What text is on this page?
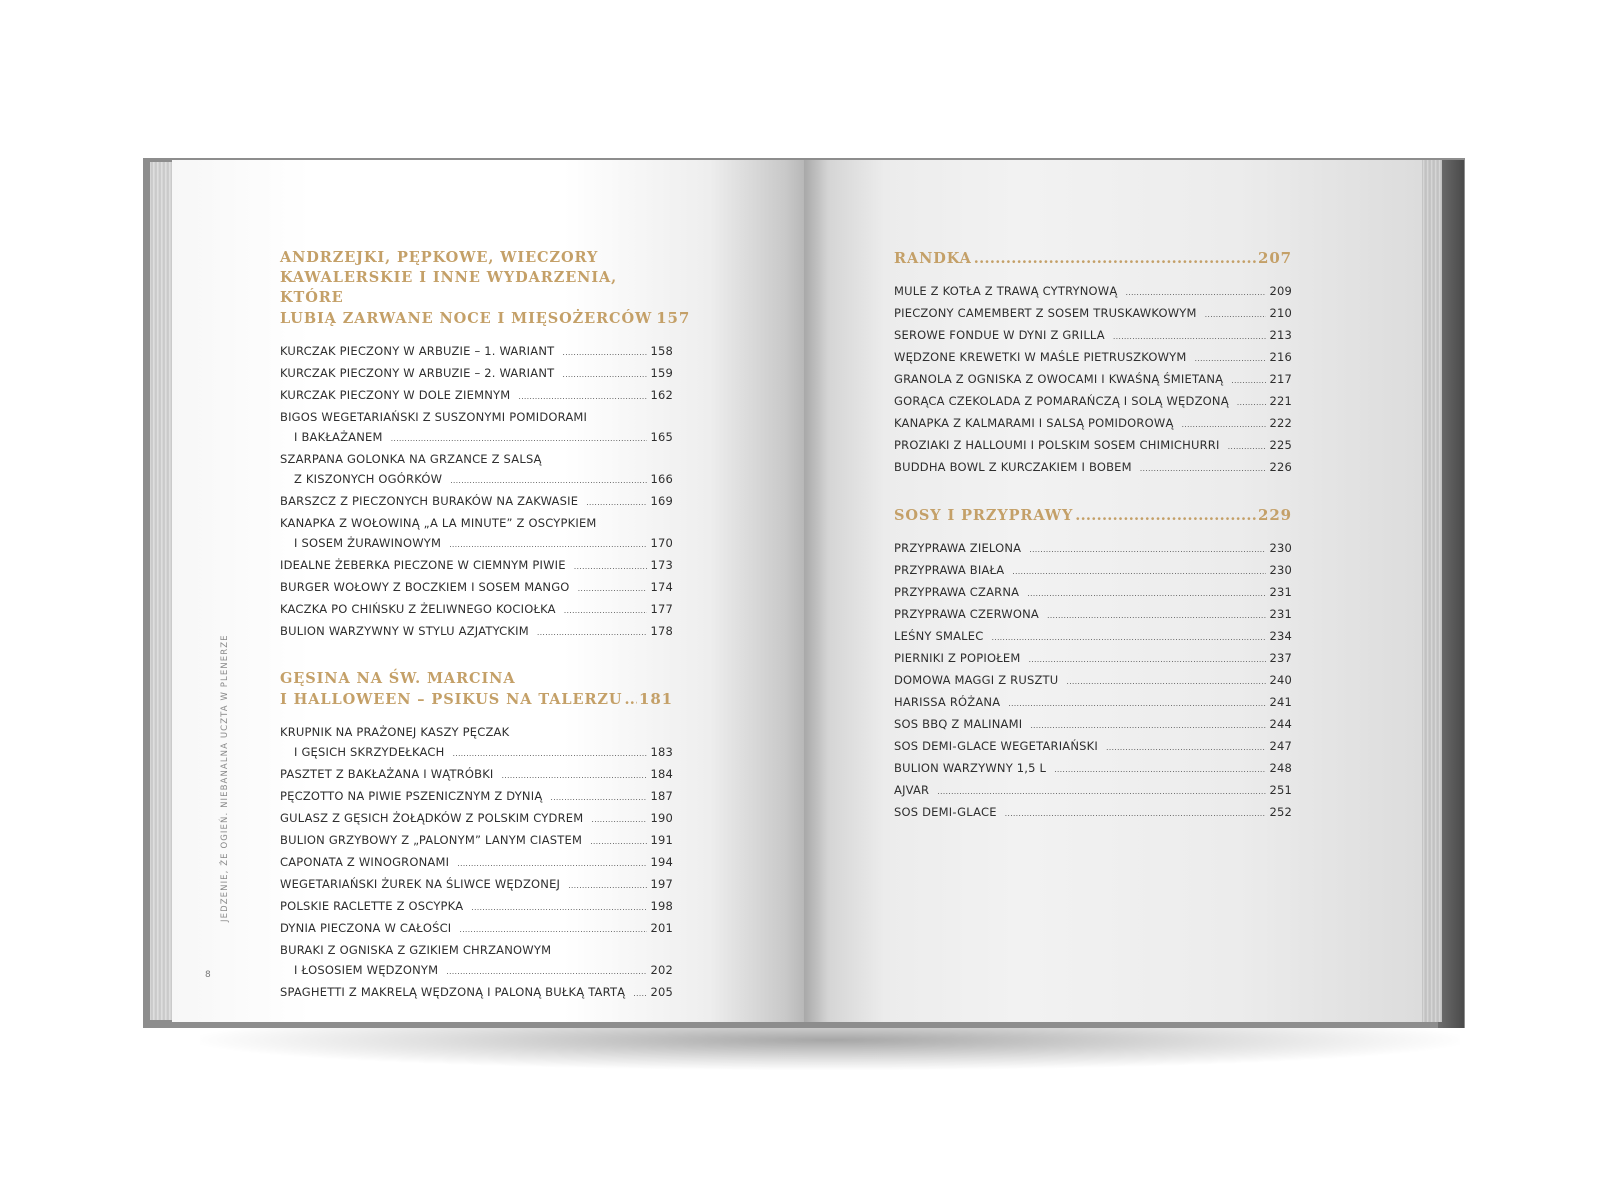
JEDZENIE, ŻE OGIEŃ. NIEBANALNA UCZTA W PLENERZE
8
ANDRZEJKI, PĘPKOWE, WIECZORY
KAWALERSKIE I INNE WYDARZENIA, KTÓRE
LUBIĄ ZARWANE NOCE I MIĘSOŻERCÓW 157
KURCZAK PIECZONY W ARBUZIE – 1. WARIANT .....	158
KURCZAK PIECZONY W ARBUZIE – 2. WARIANT .....	159
KURCZAK PIECZONY W DOLE ZIEMNYM .....	162
BIGOS WEGETARIAŃSKI Z SUSZONYMI POMIDORAMI
I BAKŁAŻANEM .....	165
SZARPANA GOLONKA NA GRZANCE Z SALSĄ
Z KISZONYCH OGÓRKÓW .....	166
BARSZCZ Z PIECZONYCH BURAKÓW NA ZAKWASIE .....	169
KANAPKA Z WOŁOWINĄ „A LA MINUTE” Z OSCYPKIEM
I SOSEM ŻURAWINOWYM .....	170
IDEALNE ŻEBERKA PIECZONE W CIEMNYM PIWIE .....	173
BURGER WOŁOWY Z BOCZKIEM I SOSEM MANGO .....	174
KACZKA PO CHIŃSKU Z ŻELIWNEGO KOCIOŁKA .....	177
BULION WARZYWNY W STYLU AZJATYCKIM .....	178
GĘSINA NA ŚW. MARCINA
I HALLOWEEN – PSIKUS NA TALERZU ..... 181
KRUPNIK NA PRAŻONEJ KASZY PĘCZAK
I GĘSICH SKRZYDEŁKACH .....	183
PASZTET Z BAKŁAŻANA I WĄTRÓBKI .....	184
PĘCZOTTO NA PIWIE PSZENICZNYM Z DYNIĄ .....	187
GULASZ Z GĘSICH ŻOŁĄDKÓW Z POLSKIM CYDREM .....	190
BULION GRZYBOWY Z „PALONYM” LANYM CIASTEM .....	191
CAPONATA Z WINOGRONAMI .....	194
WEGETARIAŃSKI ŻUREK NA ŚLIWCE WĘDZONEJ .....	197
POLSKIE RACLETTE Z OSCYPKA .....	198
DYNIA PIECZONA W CAŁOŚCI .....	201
BURAKI Z OGNISKA Z GZIKIEM CHRZANOWYM
I ŁOSOSIEM WĘDZONYM .....	202
SPAGHETTI Z MAKRELĄ WĘDZONĄ I PALONĄ BUŁKĄ TARTĄ ..... 205
RANDKA .....	207
MULE Z KOTŁA Z TRAWĄ CYTRYNOWĄ .....	209
PIECZONY CAMEMBERT Z SOSEM TRUSKAWKOWYM .....	210
SEROWE FONDUE W DYNI Z GRILLA .....	213
WĘDZONE KREWETKI W MAŚLE PIETRUSZKOWYM .....	216
GRANOLA Z OGNISKA Z OWOCAMI I KWAŚNĄ ŚMIETANĄ .....	217
GORĄCA CZEKOLADA Z POMARAŃCZĄ I SOLĄ WĘDZONĄ .....	221
KANAPKA Z KALMARAMI I SALSĄ POMIDOROWĄ .....	222
PROZIAKI Z HALLOUMI I POLSKIM SOSEM CHIMICHURRI .....	225
BUDDHA BOWL Z KURCZAKIEM I BOBEM .....	226
SOSY I PRZYPRAWY .....	229
PRZYPRAWA ZIELONA .....	230
PRZYPRAWA BIAŁA .....	230
PRZYPRAWA CZARNA .....	231
PRZYPRAWA CZERWONA .....	231
LEŚNY SMALEC .....	234
PIERNIKI Z POPIOŁEM .....	237
DOMOWA MAGGI Z RUSZTU .....	240
HARISSA RÓŻANA .....	241
SOS BBQ Z MALINAMI .....	244
SOS DEMI-GLACE WEGETARIAŃSKI .....	247
BULION WARZYWNY 1,5 L .....	248
AJVAR .....	251
SOS DEMI-GLACE .....	252
